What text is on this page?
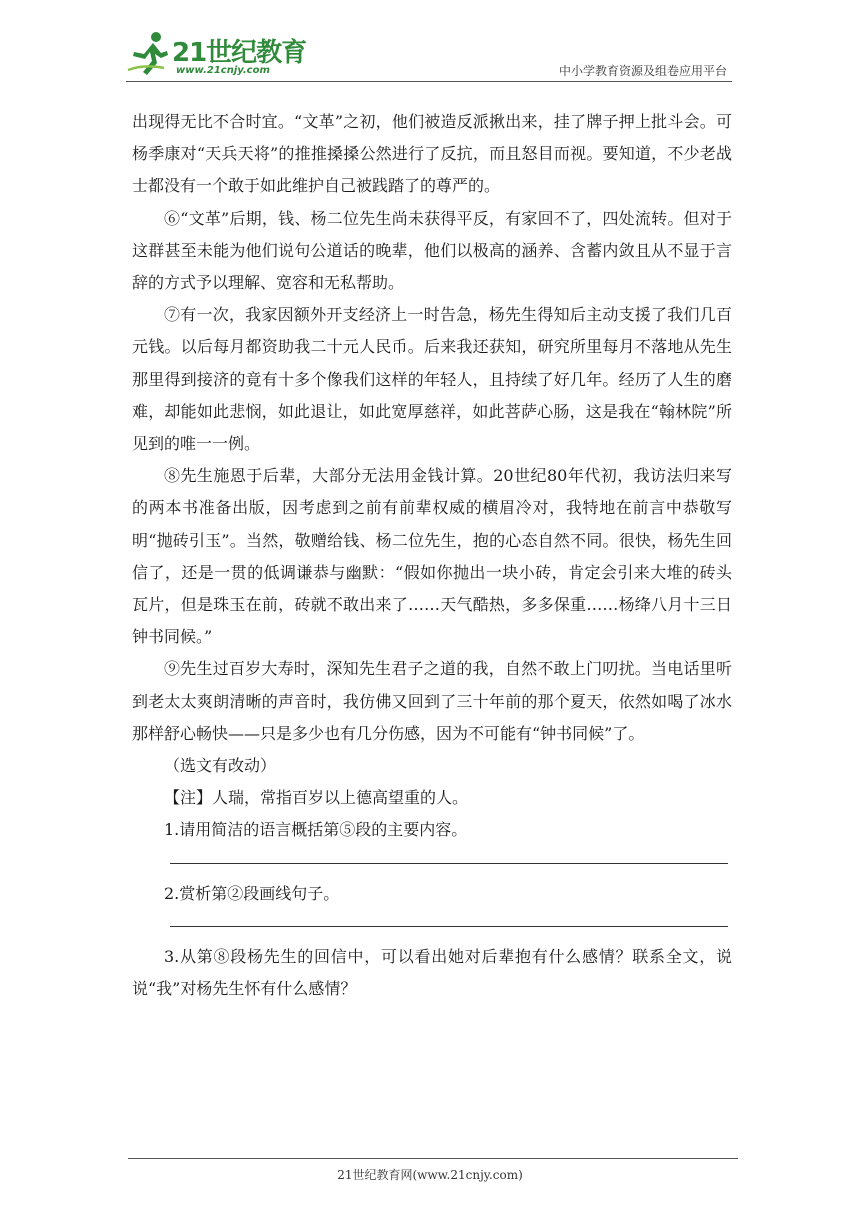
21世纪教育
www.21cnjy.com	中小学教育资源及组卷应用平台

出现得无比不合时宜。“文革”之初，他们被造反派揪出来，挂了牌子押上批斗会。可杨季康对“天兵天将”的推推搡搡公然进行了反抗，而且怒目而视。要知道，不少老战士都没有一个敢于如此维护自己被践踏了的尊严的。

⑥“文革”后期，钱、杨二位先生尚未获得平反，有家回不了，四处流转。但对于这群甚至未能为他们说句公道话的晚辈，他们以极高的涵养、含蓄内敛且从不显于言辞的方式予以理解、宽容和无私帮助。

⑦有一次，我家因额外开支经济上一时告急，杨先生得知后主动支援了我们几百元钱。以后每月都资助我二十元人民币。后来我还获知，研究所里每月不落地从先生那里得到接济的竟有十多个像我们这样的年轻人，且持续了好几年。经历了人生的磨难，却能如此悲悯，如此退让，如此宽厚慈祥，如此菩萨心肠，这是我在“翰林院”所见到的唯一一例。

⑧先生施恩于后辈，大部分无法用金钱计算。20世纪80年代初，我访法归来写的两本书准备出版，因考虑到之前有前辈权威的横眉冷对，我特地在前言中恭敬写明“抛砖引玉”。当然，敬赠给钱、杨二位先生，抱的心态自然不同。很快，杨先生回信了，还是一贯的低调谦恭与幽默：“假如你抛出一块小砖，肯定会引来大堆的砖头瓦片，但是珠玉在前，砖就不敢出来了……天气酷热，多多保重……杨绛八月十三日钟书同候。”

⑨先生过百岁大寿时，深知先生君子之道的我，自然不敢上门叨扰。当电话里听到老太太爽朗清晰的声音时，我仿佛又回到了三十年前的那个夏天，依然如喝了冰水那样舒心畅快——只是多少也有几分伤感，因为不可能有“钟书同候”了。

（选文有改动）

【注】人瑞，常指百岁以上德高望重的人。

1.请用简洁的语言概括第⑤段的主要内容。

2.赏析第②段画线句子。

3.从第⑧段杨先生的回信中，可以看出她对后辈抱有什么感情？联系全文，说说“我”对杨先生怀有什么感情？

21世纪教育网(www.21cnjy.com)
